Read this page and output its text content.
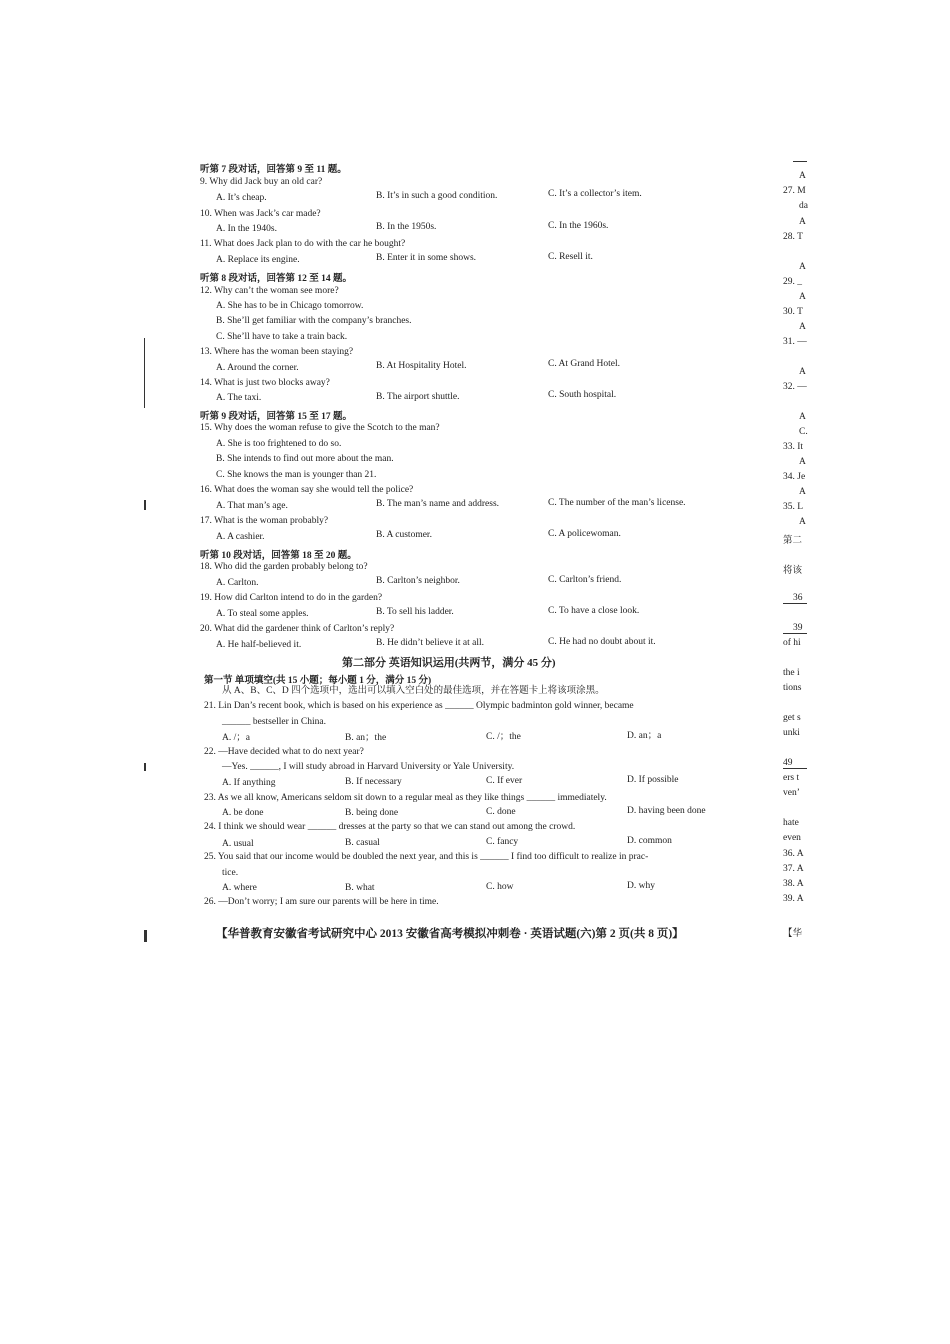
听第 7 段对话，回答第 9 至 11 题。
9. Why did Jack buy an old car?
A. It’s cheap.	B. It’s in such a good condition.	C. It’s a collector’s item.
10. When was Jack’s car made?
A. In the 1940s.	B. In the 1950s.	C. In the 1960s.
11. What does Jack plan to do with the car he bought?
A. Replace its engine.	B. Enter it in some shows.	C. Resell it.
听第 8 段对话，回答第 12 至 14 题。
12. Why can’t the woman see more?
A. She has to be in Chicago tomorrow.
B. She’ll get familiar with the company’s branches.
C. She’ll have to take a train back.
13. Where has the woman been staying?
A. Around the corner.	B. At Hospitality Hotel.	C. At Grand Hotel.
14. What is just two blocks away?
A. The taxi.	B. The airport shuttle.	C. South hospital.
听第 9 段对话，回答第 15 至 17 题。
15. Why does the woman refuse to give the Scotch to the man?
A. She is too frightened to do so.
B. She intends to find out more about the man.
C. She knows the man is younger than 21.
16. What does the woman say she would tell the police?
A. That man’s age.	B. The man’s name and address.	C. The number of the man’s license.
17. What is the woman probably?
A. A cashier.	B. A customer.	C. A policewoman.
听第 10 段对话，回答第 18 至 20 题。
18. Who did the garden probably belong to?
A. Carlton.	B. Carlton’s neighbor.	C. Carlton’s friend.
19. How did Carlton intend to do in the garden?
A. To steal some apples.	B. To sell his ladder.	C. To have a close look.
20. What did the gardener think of Carlton’s reply?
A. He half-believed it.	B. He didn’t believe it at all.	C. He had no doubt about it.
第二部分 英语知识运用(共两节，满分 45 分)
第一节 单项填空(共 15 小题；每小题 1 分，满分 15 分)
从 A、B、C、D 四个选项中，选出可以填入空白处的最佳选项，并在答题卡上将该项涂黑。
21. Lin Dan’s recent book, which is based on his experience as ______ Olympic badminton gold winner, became
______ bestseller in China.
A. /；a	B. an；the	C. /；the	D. an；a
22. —Have decided what to do next year?
—Yes. ______, I will study abroad in Harvard University or Yale University.
A. If anything	B. If necessary	C. If ever	D. If possible
23. As we all know, Americans seldom sit down to a regular meal as they like things ______ immediately.
A. be done	B. being done	C. done	D. having been done
24. I think we should wear ______ dresses at the party so that we can stand out among the crowd.
A. usual	B. casual	C. fancy	D. common
25. You said that our income would be doubled the next year, and this is ______ I find too difficult to realize in prac-
tice.
A. where	B. what	C. how	D. why
26. —Don’t worry; I am sure our parents will be here in time.
A
27. M
da
A
28. T
A
29. _
A
30. T
A
31. —
A
32. —
A
C.
33. It
A
34. Je
A
35. L
A
第二
将该
36
39
of hi
the i
tions
get s
unki
49
ers t
ven’
hate
even
36. A
37. A
38. A
39. A
【华
【华普教育安徽省考试研究中心 2013 安徽省高考模拟冲刺卷 · 英语试题(六)第 2 页(共 8 页)】
